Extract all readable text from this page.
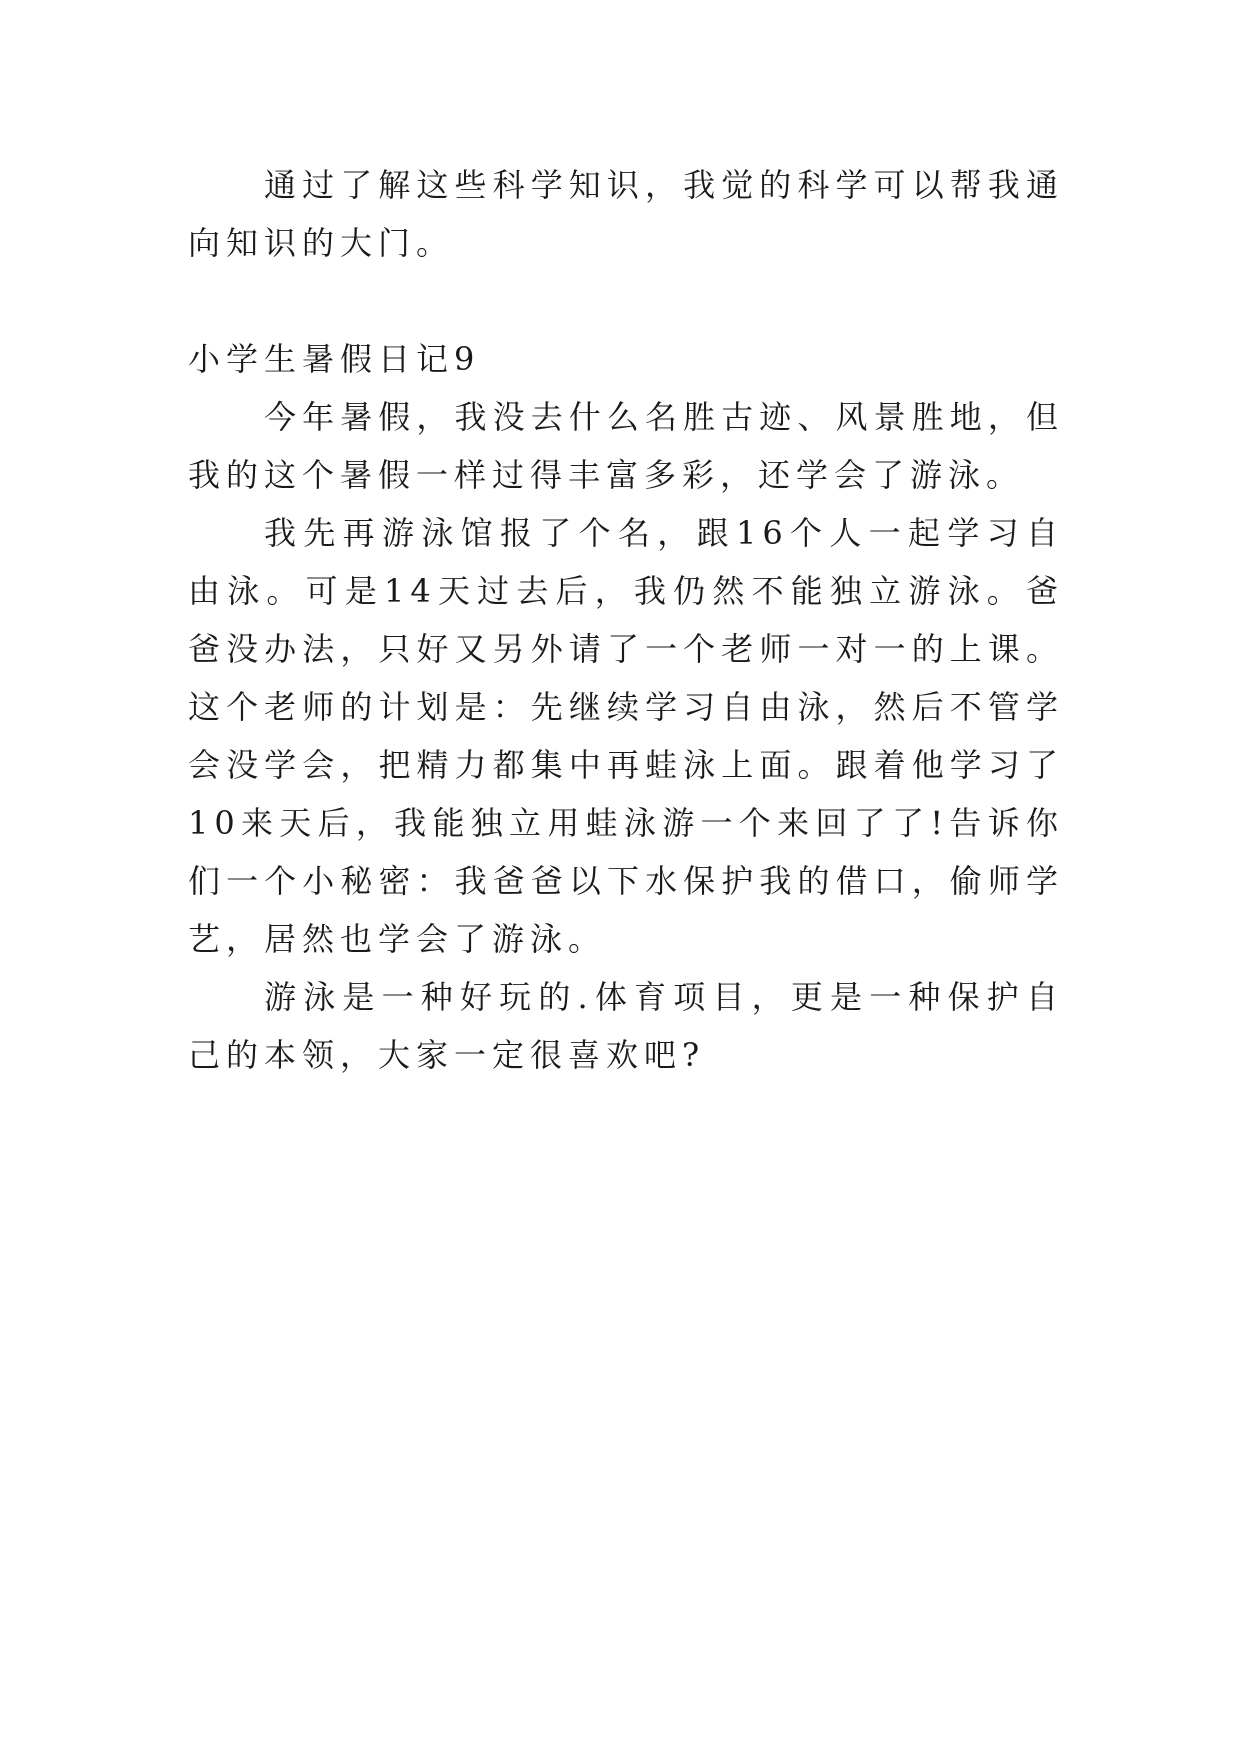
通过了解这些科学知识，我觉的科学可以帮我通向知识的大门。

小学生暑假日记9

今年暑假，我没去什么名胜古迹、风景胜地，但我的这个暑假一样过得丰富多彩，还学会了游泳。

我先再游泳馆报了个名，跟16个人一起学习自由泳。可是14天过去后，我仍然不能独立游泳。爸爸没办法，只好又另外请了一个老师一对一的上课。这个老师的计划是：先继续学习自由泳，然后不管学会没学会，把精力都集中再蛙泳上面。跟着他学习了10来天后，我能独立用蛙泳游一个来回了了!告诉你们一个小秘密：我爸爸以下水保护我的借口，偷师学艺，居然也学会了游泳。

游泳是一种好玩的.体育项目，更是一种保护自己的本领，大家一定很喜欢吧?
